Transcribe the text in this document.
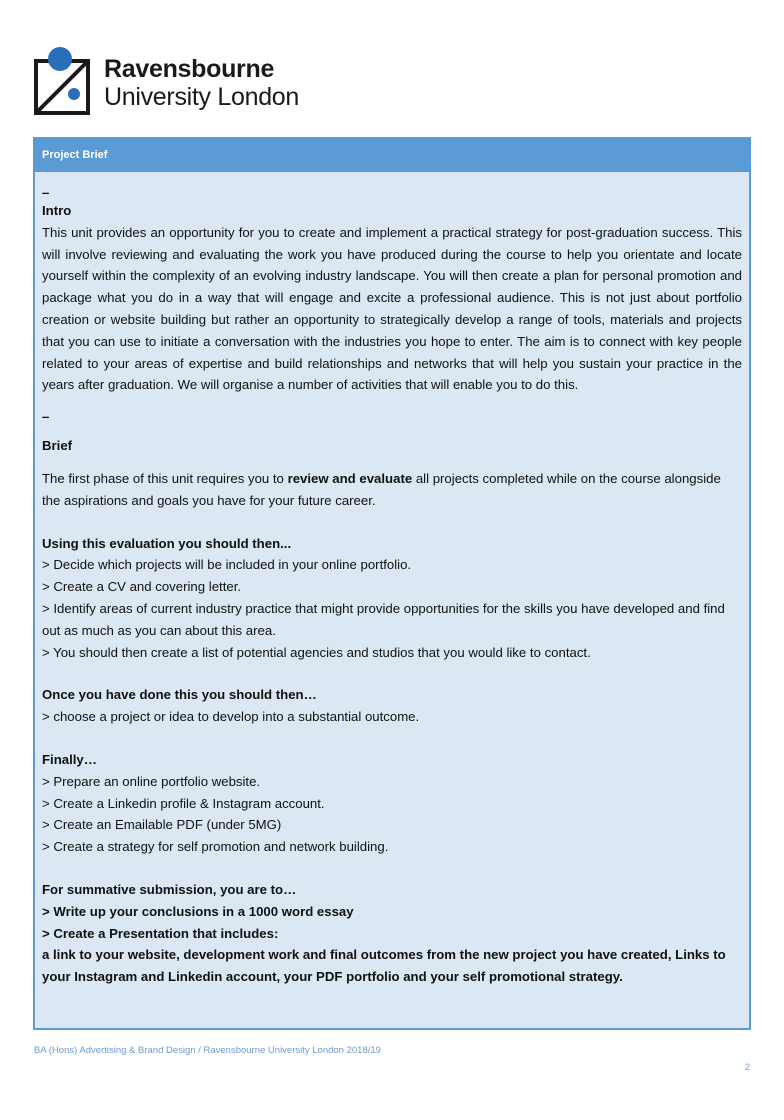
Ravensbourne
University London
Project Brief
–
Intro

This unit provides an opportunity for you to create and implement a practical strategy for post-graduation success. This will involve reviewing and evaluating the work you have produced during the course to help you orientate and locate yourself within the complexity of an evolving industry landscape. You will then create a plan for personal promotion and package what you do in a way that will engage and excite a professional audience. This is not just about portfolio creation or website building but rather an opportunity to strategically develop a range of tools, materials and projects that you can use to initiate a conversation with the industries you hope to enter. The aim is to connect with key people related to your areas of expertise and build relationships and networks that will help you sustain your practice in the years after graduation. We will organise a number of activities that will enable you to do this.

–
Brief

The first phase of this unit requires you to review and evaluate all projects completed while on the course alongside the aspirations and goals you have for your future career.

Using this evaluation you should then...

> Decide which projects will be included in your online portfolio.

> Create a CV and covering letter.

> Identify areas of current industry practice that might provide opportunities for the skills you have developed and find out as much as you can about this area.

> You should then create a list of potential agencies and studios that you would like to contact.

Once you have done this you should then…

> choose a project or idea to develop into a substantial outcome.

Finally…

> Prepare an online portfolio website.

> Create a Linkedin profile & Instagram account.

> Create an Emailable PDF (under 5MG)

> Create a strategy for self promotion and network building.

For summative submission, you are to…

> Write up your conclusions in a 1000 word essay

> Create a Presentation that includes:

a link to your website, development work and final outcomes from the new project you have created, Links to your Instagram and Linkedin account, your PDF portfolio and your self promotional strategy.

BA (Hons) Advertising & Brand Design / Ravensbourne University London 2018/19
2
